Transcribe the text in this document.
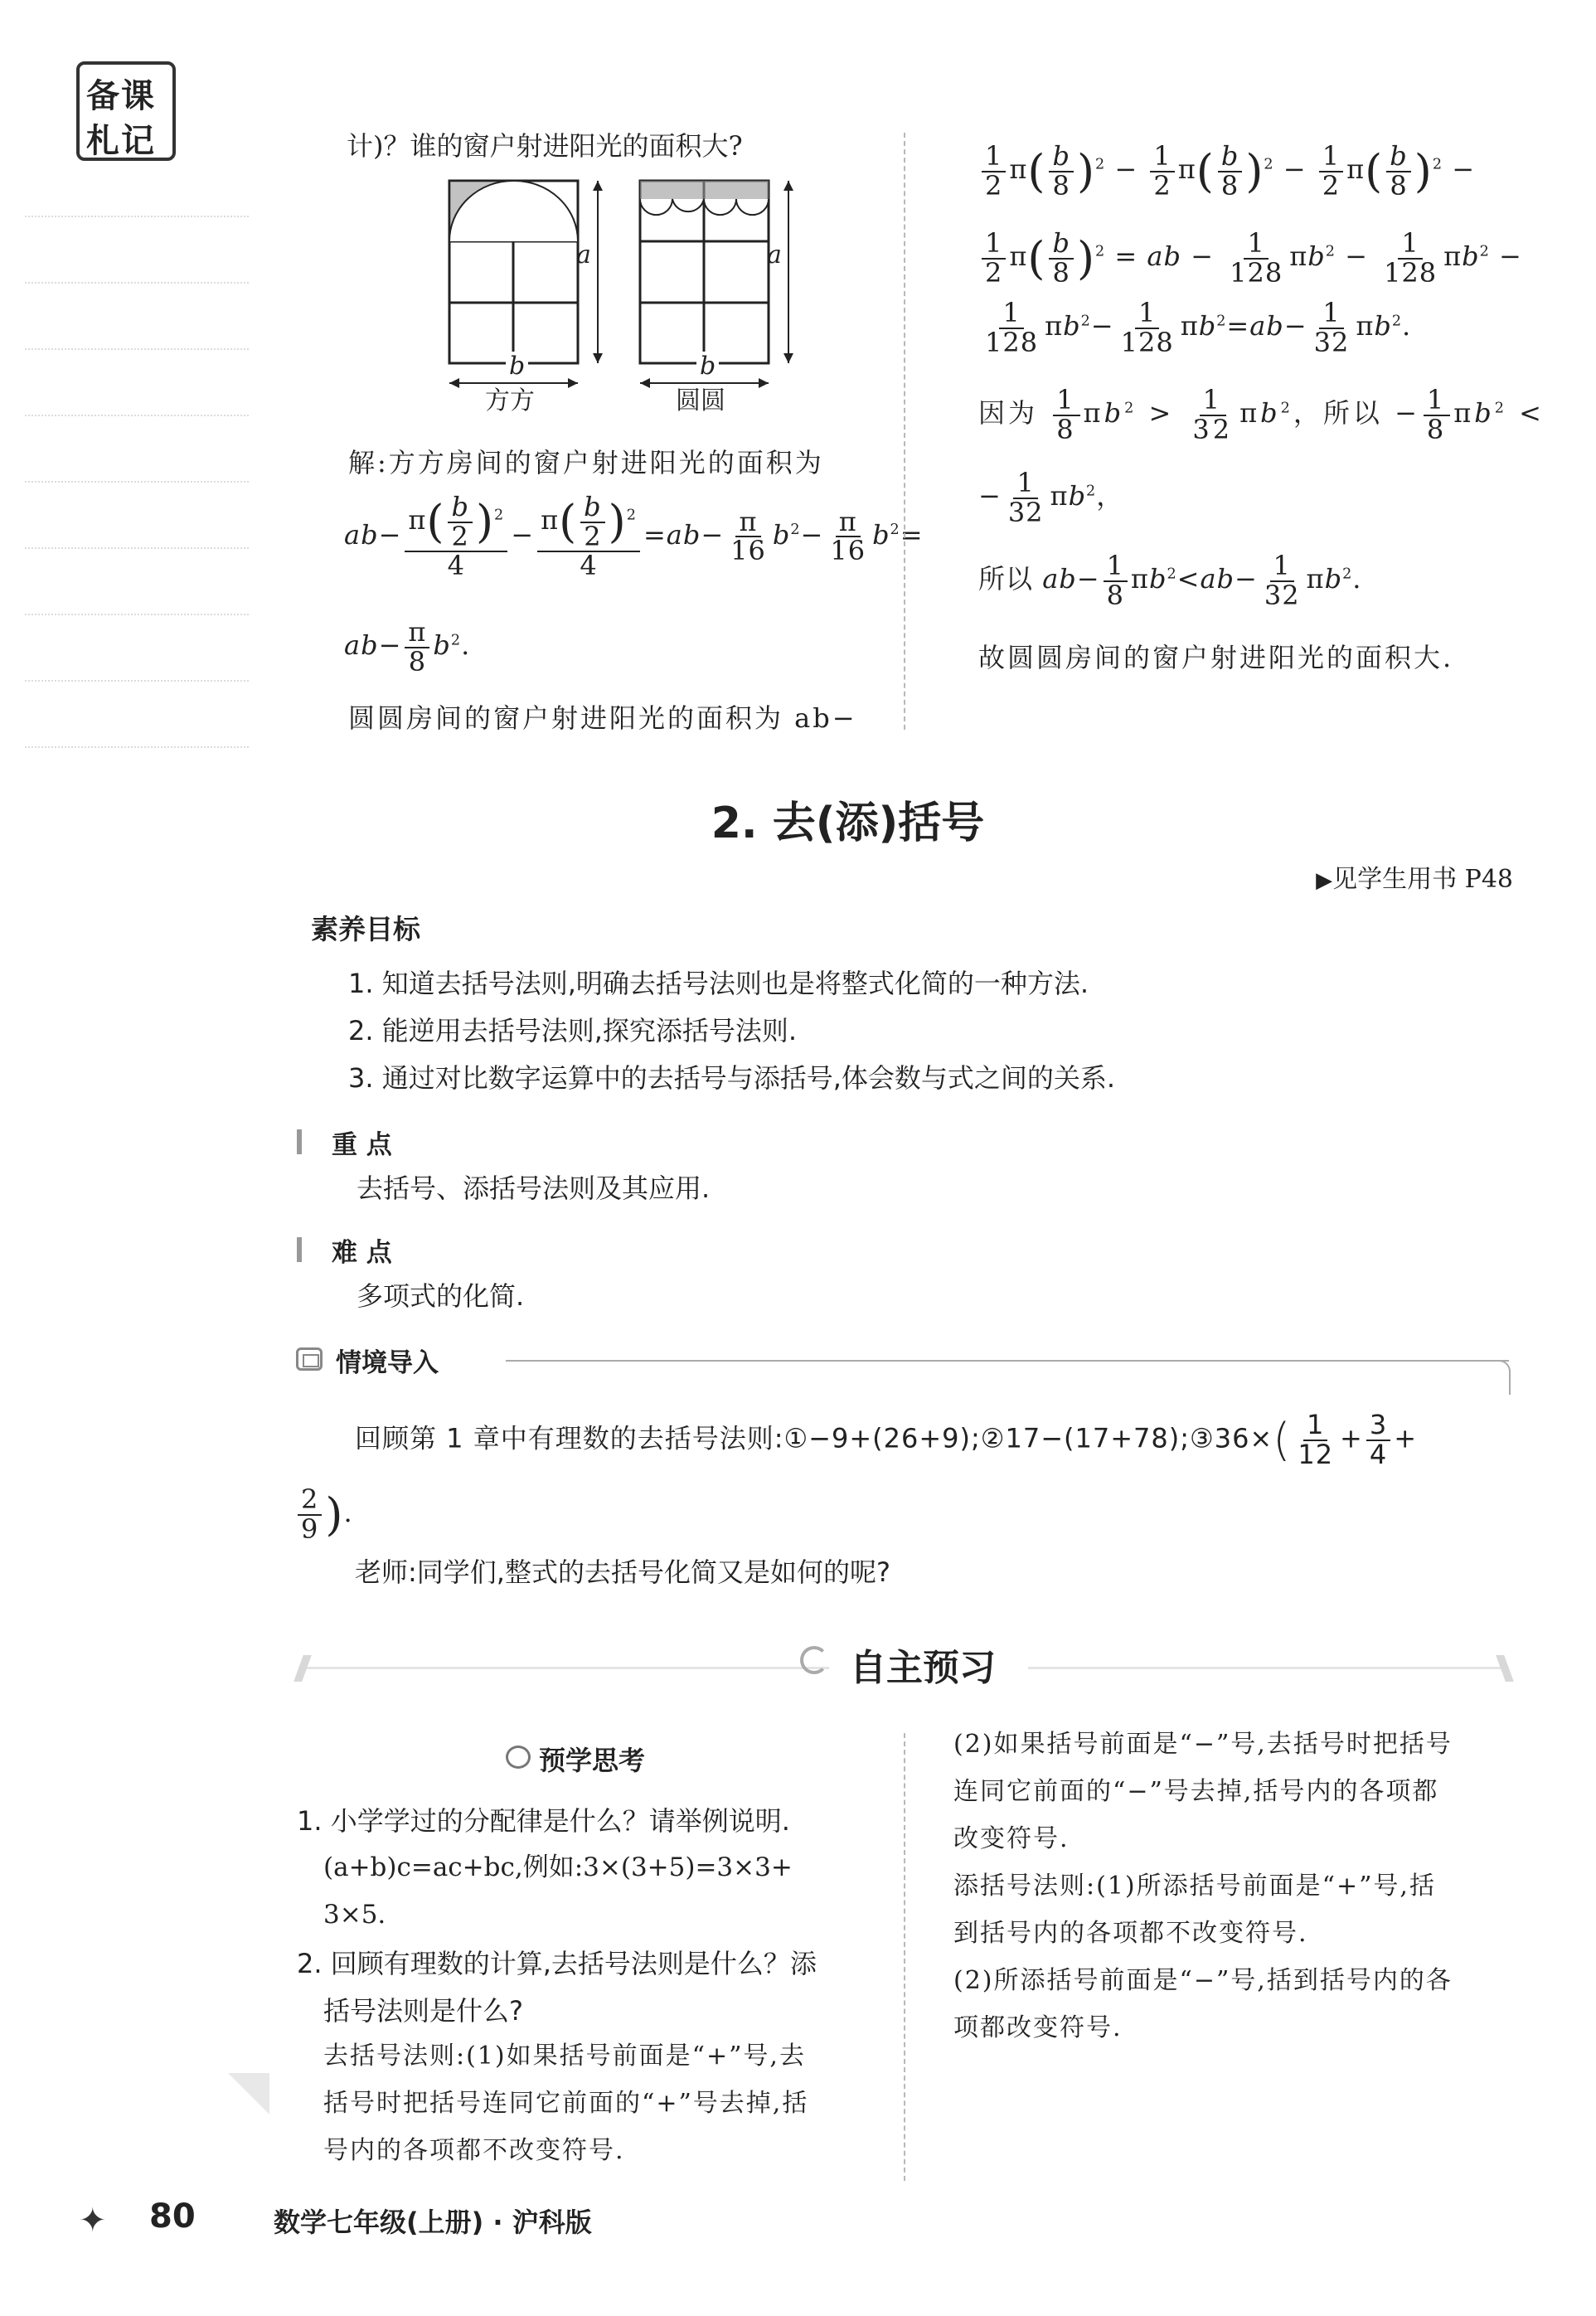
备课
札记	计)？谁的窗户射进阳光的面积大?
a
b
方方
a
b
圆圆
解:方方房间的窗户射进阳光的面积为
$ab- \frac{\pi( \frac{b}{2} )^2}{4} - \frac{\pi( \frac{b}{2} )^2}{4} =ab- \frac{\pi}{16} b^2- \frac{\pi}{16} b^2=$
$ab- \frac{\pi}{8} b^2$.
圆圆房间的窗户射进阳光的面积为 ab−
$\frac{1}{2} \pi( \frac{b}{8} )^2 - \frac{1}{2} \pi( \frac{b}{8} )^2 - \frac{1}{2} \pi( \frac{b}{8} )^2$ −
$\frac{1}{2} \pi( \frac{b}{8} )^2$ = ab − $\frac{1}{128} \pi b^2 - \frac{1}{128} \pi b^2$ −
$\frac{1}{128} \pi b^2- \frac{1}{128} \pi b^2=ab- \frac{1}{32} \pi b^2$.
因为 $\frac{1}{8} \pi b^2 > \frac{1}{32} \pi b^2$，所以 − $\frac{1}{8} \pi b^2$ <
− $\frac{1}{32} \pi b^2$，
所以 $ab- \frac{1}{8} \pi b^2<ab- \frac{1}{32} \pi b^2$.
故圆圆房间的窗户射进阳光的面积大.
2. 去(添)括号
▶见学生用书 P48
素养目标
1. 知道去括号法则,明确去括号法则也是将整式化简的一种方法.
2. 能逆用去括号法则,探究添括号法则.
3. 通过对比数字运算中的去括号与添括号,体会数与式之间的关系.
重 点
去括号、添括号法则及其应用.
难 点
多项式的化简.
情境导入
回顾第 1 章中有理数的去括号法则:①−9+(26+9);②17−(17+78);③36×( $\frac{1}{12} + \frac{3}{4}$ +
$\frac{2}{9}$ ).
老师:同学们,整式的去括号化简又是如何的呢?
自主预习
预学思考
1. 小学学过的分配律是什么？请举例说明.
(a+b)c=ac+bc,例如:3×(3+5)=3×3+
3×5.
2. 回顾有理数的计算,去括号法则是什么？添
括号法则是什么?
去括号法则:(1)如果括号前面是“+”号,去
括号时把括号连同它前面的“+”号去掉,括
号内的各项都不改变符号.
(2)如果括号前面是“−”号,去括号时把括号
连同它前面的“−”号去掉,括号内的各项都
改变符号.
添括号法则:(1)所添括号前面是“+”号,括
到括号内的各项都不改变符号.
(2)所添括号前面是“−”号,括到括号内的各
项都改变符号.
✦ 80	数学七年级(上册) · 沪科版
